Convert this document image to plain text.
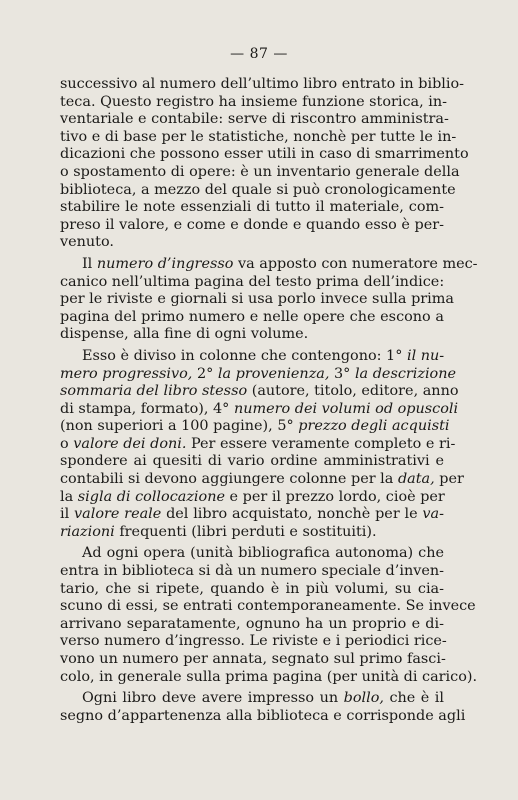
— 87 —
successivo al numero dell’ultimo libro entrato in biblio-
teca. Questo registro ha insieme funzione storica, in-
ventariale e contabile: serve di riscontro amministra-
tivo e di base per le statistiche, nonchè per tutte le in-
dicazioni che possono esser utili in caso di smarrimento
o spostamento di opere: è un inventario generale della
biblioteca, a mezzo del quale si può cronologicamente
stabilire le note essenziali di tutto il materiale, com-
preso il valore, e come e donde e quando esso è per-
venuto.
Il numero d’ingresso va apposto con numeratore mec-
canico nell’ultima pagina del testo prima dell’indice:
per le riviste e giornali si usa porlo invece sulla prima
pagina del primo numero e nelle opere che escono a
dispense, alla fine di ogni volume.
Esso è diviso in colonne che contengono: 1° il nu-
mero progressivo, 2° la provenienza, 3° la descrizione
sommaria del libro stesso (autore, titolo, editore, anno
di stampa, formato), 4° numero dei volumi od opuscoli
(non superiori a 100 pagine), 5° prezzo degli acquisti
o valore dei doni. Per essere veramente completo e ri-
spondere ai quesiti di vario ordine amministrativi e
contabili si devono aggiungere colonne per la data, per
la sigla di collocazione e per il prezzo lordo, cioè per
il valore reale del libro acquistato, nonchè per le va-
riazioni frequenti (libri perduti e sostituiti).
Ad ogni opera (unità bibliografica autonoma) che
entra in biblioteca si dà un numero speciale d’inven-
tario, che si ripete, quando è in più volumi, su cia-
scuno di essi, se entrati contemporaneamente. Se invece
arrivano separatamente, ognuno ha un proprio e di-
verso numero d’ingresso. Le riviste e i periodici rice-
vono un numero per annata, segnato sul primo fasci-
colo, in generale sulla prima pagina (per unità di carico).
Ogni libro deve avere impresso un bollo, che è il
segno d’appartenenza alla biblioteca e corrisponde agli
